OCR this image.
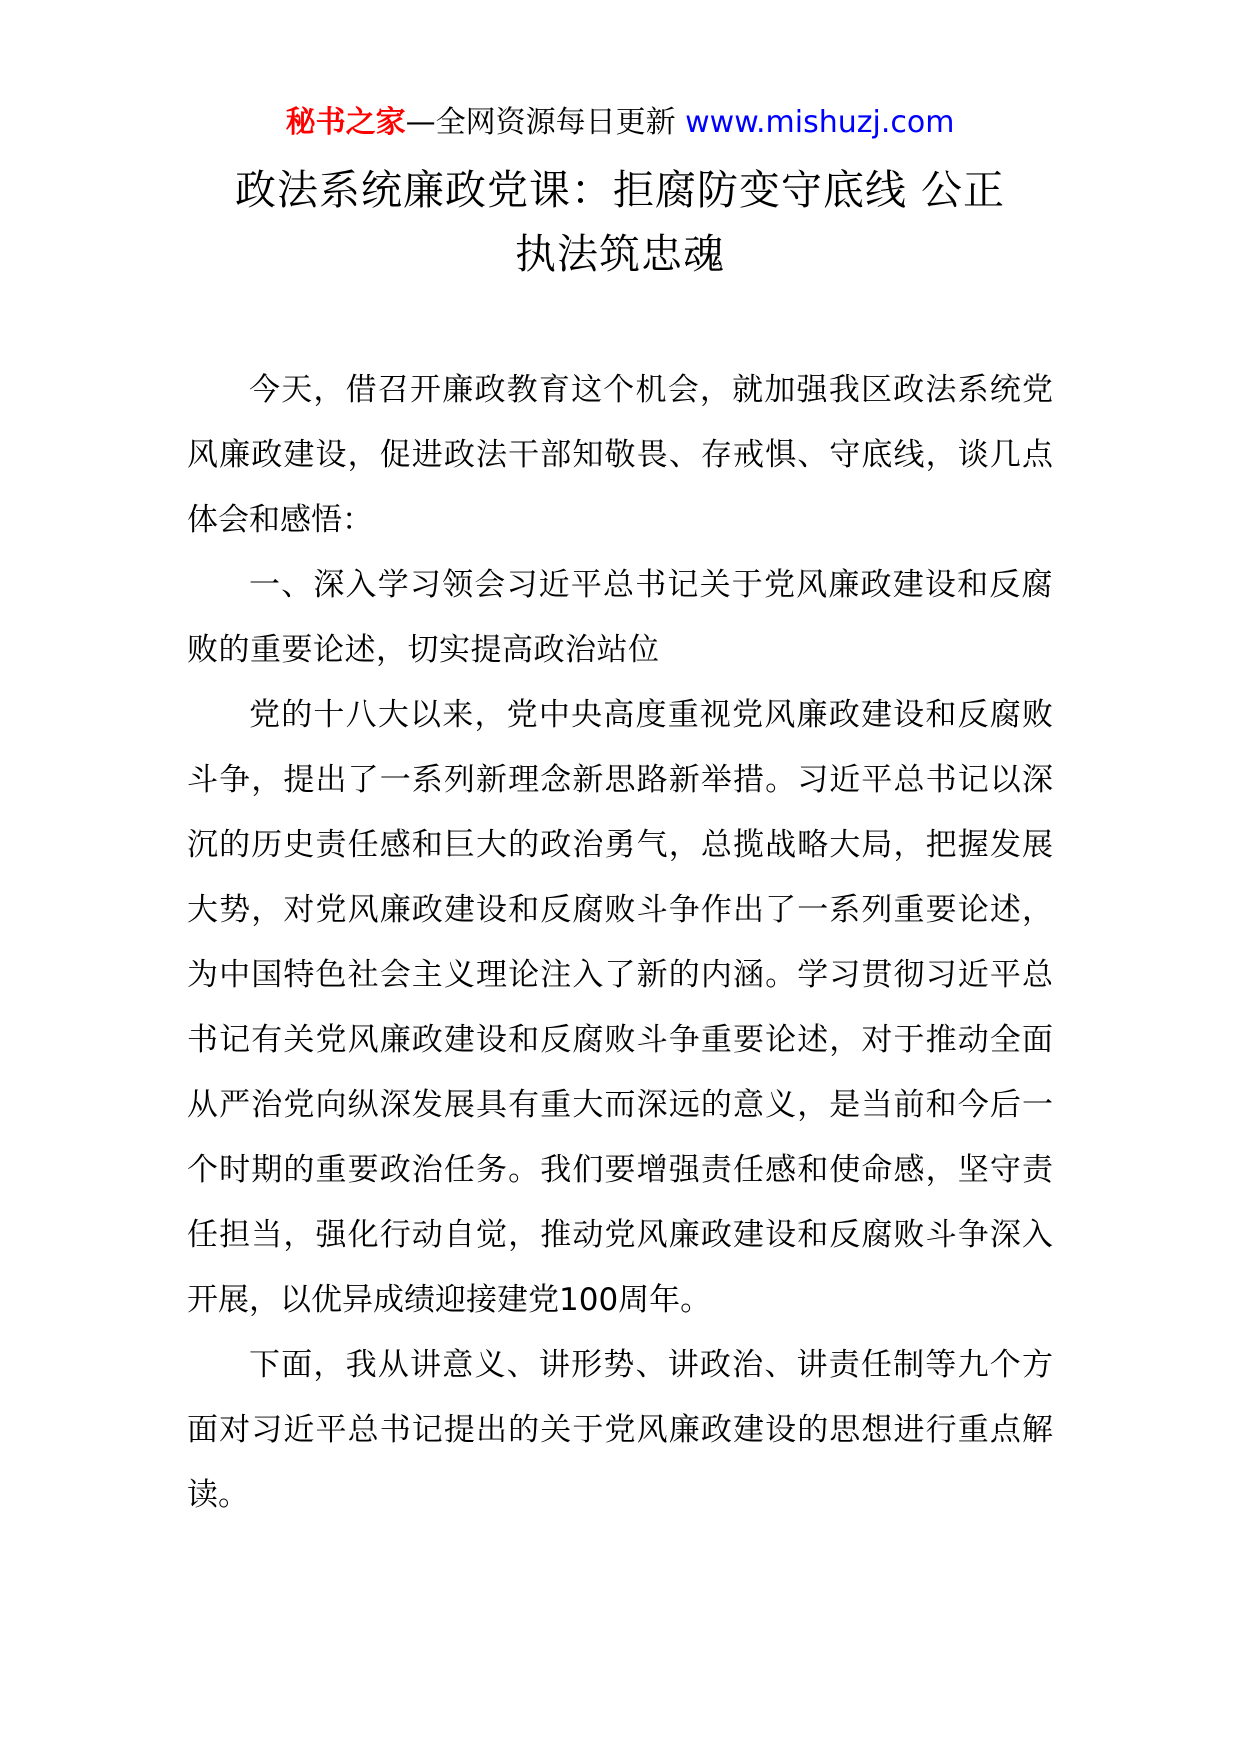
秘书之家—全网资源每日更新 www.mishuzj.com
政法系统廉政党课：拒腐防变守底线 公正
执法筑忠魂

今天，借召开廉政教育这个机会，就加强我区政法系统党风廉政建设，促进政法干部知敬畏、存戒惧、守底线，谈几点体会和感悟：

一、深入学习领会习近平总书记关于党风廉政建设和反腐败的重要论述，切实提高政治站位

党的十八大以来，党中央高度重视党风廉政建设和反腐败斗争，提出了一系列新理念新思路新举措。习近平总书记以深沉的历史责任感和巨大的政治勇气，总揽战略大局，把握发展大势，对党风廉政建设和反腐败斗争作出了一系列重要论述，为中国特色社会主义理论注入了新的内涵。学习贯彻习近平总书记有关党风廉政建设和反腐败斗争重要论述，对于推动全面从严治党向纵深发展具有重大而深远的意义，是当前和今后一个时期的重要政治任务。我们要增强责任感和使命感，坚守责任担当，强化行动自觉，推动党风廉政建设和反腐败斗争深入开展，以优异成绩迎接建党100周年。

下面，我从讲意义、讲形势、讲政治、讲责任制等九个方面对习近平总书记提出的关于党风廉政建设的思想进行重点解读。
